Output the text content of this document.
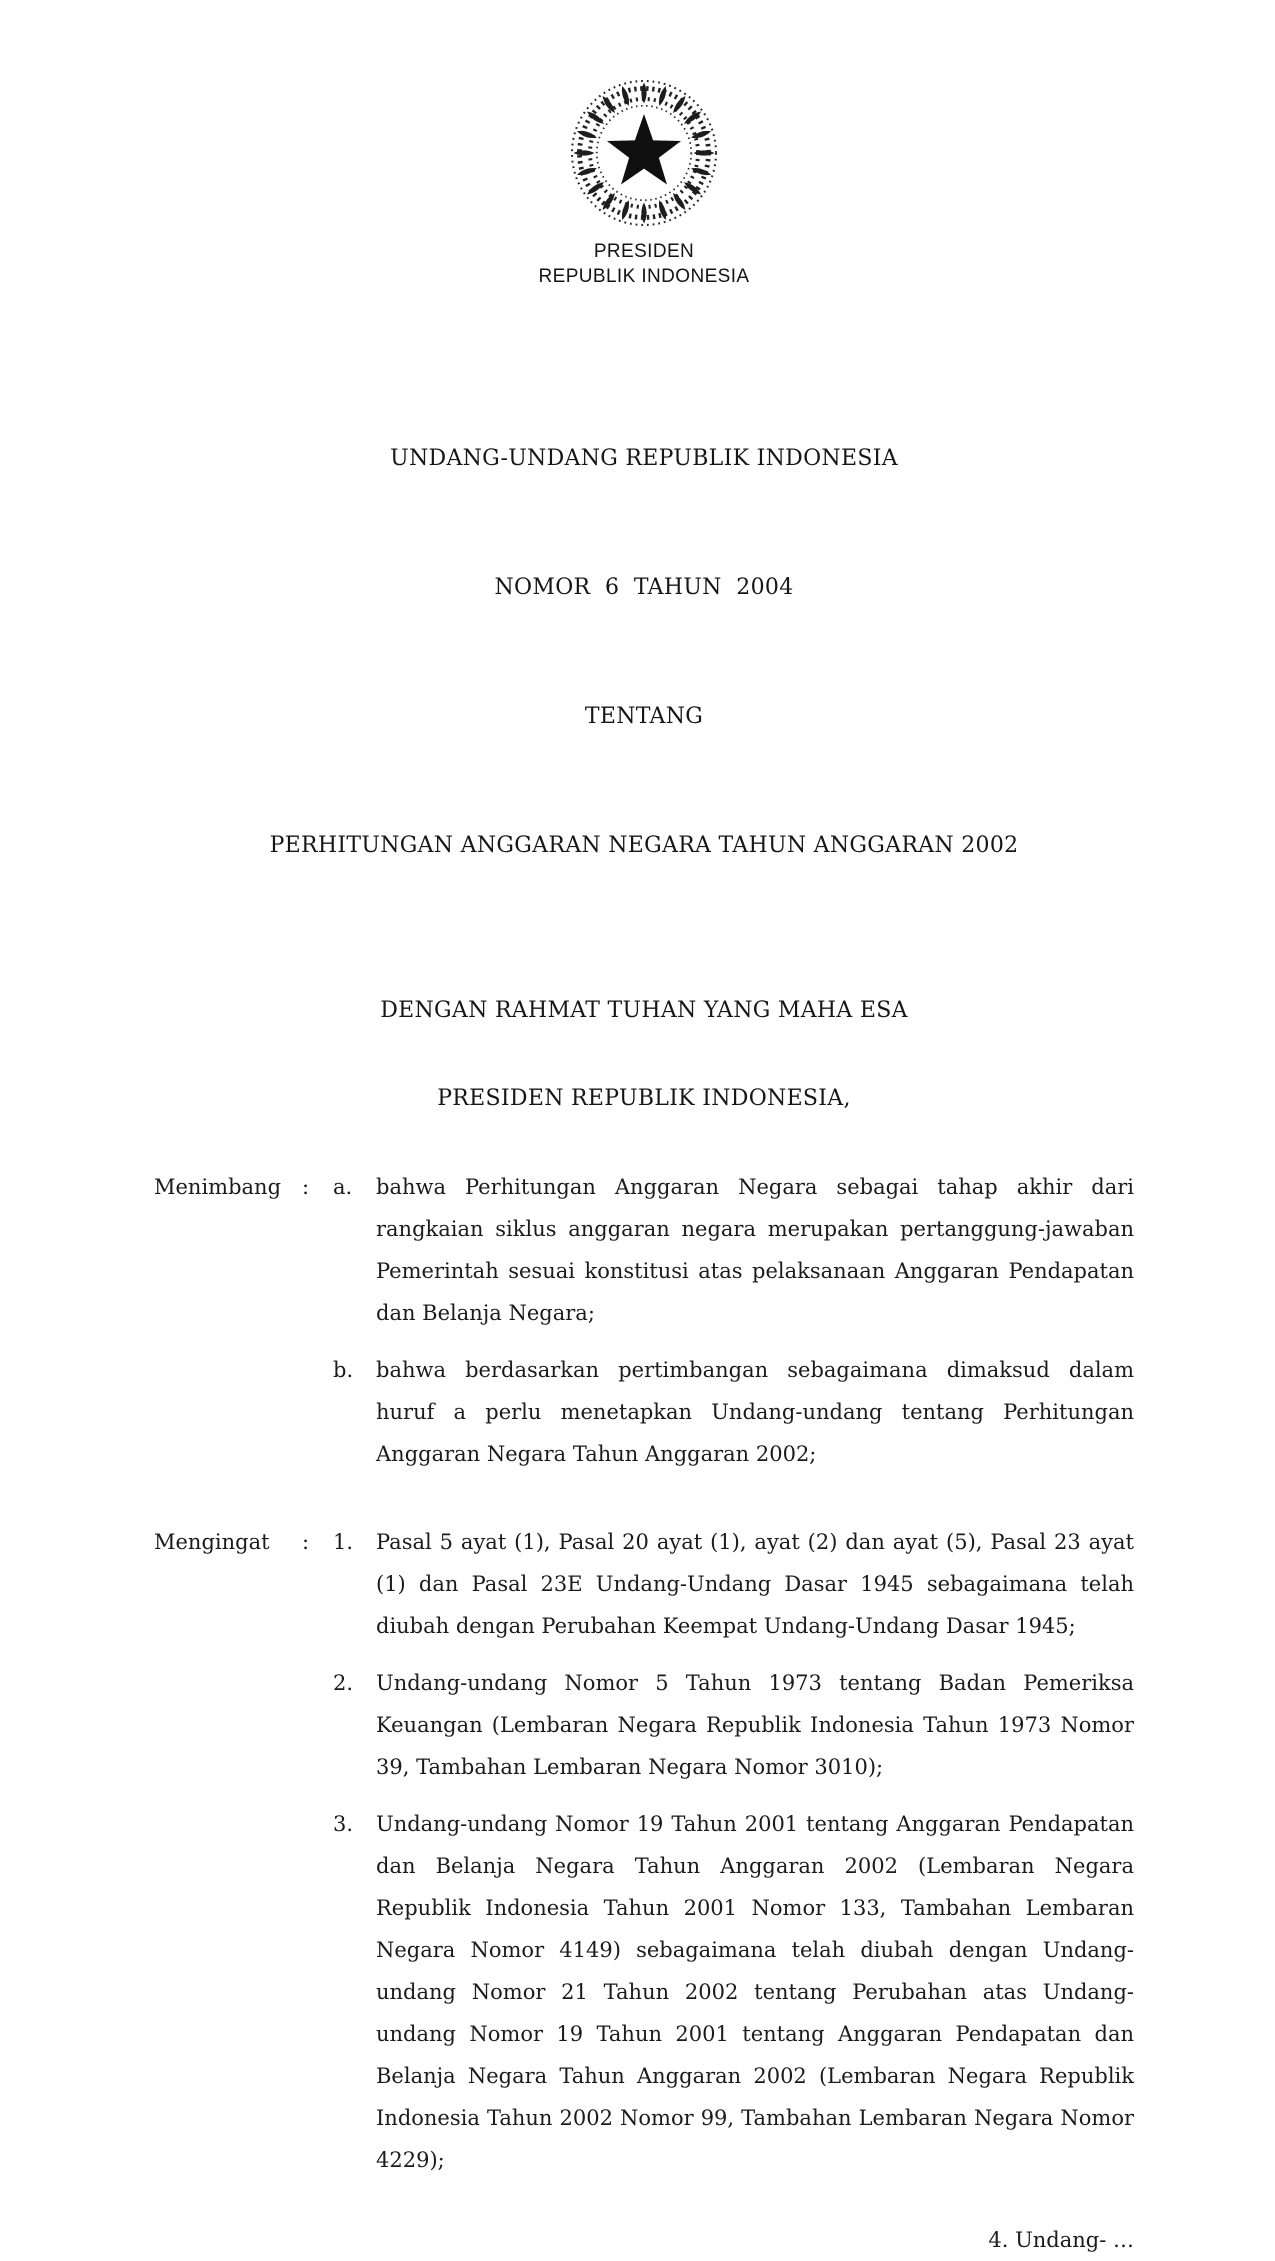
PRESIDEN
REPUBLIK INDONESIA

UNDANG-UNDANG REPUBLIK INDONESIA

NOMOR  6  TAHUN  2004

TENTANG

PERHITUNGAN ANGGARAN NEGARA TAHUN ANGGARAN 2002

DENGAN RAHMAT TUHAN YANG MAHA ESA

PRESIDEN REPUBLIK INDONESIA,

Menimbang : a. bahwa Perhitungan Anggaran Negara sebagai tahap akhir dari rangkaian siklus anggaran negara merupakan pertanggung-jawaban Pemerintah sesuai konstitusi atas pelaksanaan Anggaran Pendapatan dan Belanja Negara;
b. bahwa berdasarkan pertimbangan sebagaimana dimaksud dalam huruf a perlu menetapkan Undang-undang tentang Perhitungan Anggaran Negara Tahun Anggaran 2002;
Mengingat : 1. Pasal 5 ayat (1), Pasal 20 ayat (1), ayat (2) dan ayat (5), Pasal 23 ayat (1) dan Pasal 23E Undang-Undang Dasar 1945 sebagaimana telah diubah dengan Perubahan Keempat Undang-Undang Dasar 1945;
2. Undang-undang Nomor 5 Tahun 1973 tentang Badan Pemeriksa Keuangan (Lembaran Negara Republik Indonesia Tahun 1973 Nomor 39, Tambahan Lembaran Negara Nomor 3010);
3. Undang-undang Nomor 19 Tahun 2001 tentang Anggaran Pendapatan dan Belanja Negara Tahun Anggaran 2002 (Lembaran Negara Republik Indonesia Tahun 2001 Nomor 133, Tambahan Lembaran Negara Nomor 4149) sebagaimana telah diubah dengan Undang-undang Nomor 21 Tahun 2002 tentang Perubahan atas Undang-undang Nomor 19 Tahun 2001 tentang Anggaran Pendapatan dan Belanja Negara Tahun Anggaran 2002 (Lembaran Negara Republik Indonesia Tahun 2002 Nomor 99, Tambahan Lembaran Negara Nomor 4229);

4. Undang- …
